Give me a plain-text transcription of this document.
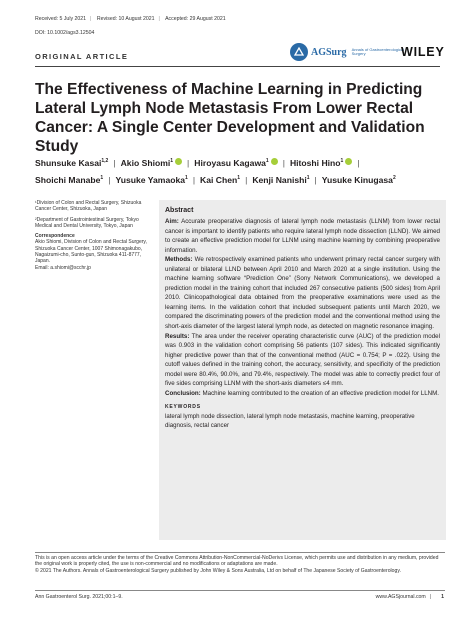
Received: 5 July 2021 | Revised: 10 August 2021 | Accepted: 29 August 2021
DOI: 10.1002/ags3.12504
ORIGINAL ARTICLE	AGSurg Annals of Gastroenterological Surgery	WILEY
The Effectiveness of Machine Learning in Predicting Lateral Lymph Node Metastasis From Lower Rectal Cancer: A Single Center Development and Validation Study
Shunsuke Kasai$^{1,2}$ | Akio Shiomi$^1$ | Hiroyasu Kagawa$^1$ | Hitoshi Hino$^1$ |
Shoichi Manabe$^1$ | Yusuke Yamaoka$^1$ | Kai Chen$^1$ | Kenji Nanishi$^1$ | Yusuke Kinugasa$^2$

¹Division of Colon and Rectal Surgery, Shizuoka Cancer Center, Shizuoka, Japan

²Department of Gastrointestinal Surgery, Tokyo Medical and Dental University, Tokyo, Japan

Correspondence

Akio Shiomi, Division of Colon and Rectal Surgery, Shizuoka Cancer Center, 1007 Shimonagakubo, Nagaizumi-cho, Sunto-gun, Shizuoka 411-8777, Japan.

Email: a.shiomi@scchr.jp

Abstract
Aim: Accurate preoperative diagnosis of lateral lymph node metastasis (LLNM) from lower rectal cancer is important to identify patients who require lateral lymph node dissection (LLND). We aimed to create an effective prediction model for LLNM using machine learning by combining preoperative information.
Methods: We retrospectively examined patients who underwent primary rectal cancer surgery with unilateral or bilateral LLND between April 2010 and March 2020 at a single institution. Using the machine learning software “Prediction One” (Sony Network Communications), we developed a prediction model in the training cohort that included 267 consecutive patients (500 sides) from April 2010. Clinicopathological data obtained from the preoperative examinations were used as the learning items. In the validation cohort that included subsequent patients until March 2020, we compared the discriminating powers of the prediction model and the conventional method using the short-axis diameter of the largest lateral lymph node, as detected on magnetic resonance imaging.
Results: The area under the receiver operating characteristic curve (AUC) of the prediction model was 0.903 in the validation cohort comprising 56 patients (107 sides). This indicated significantly higher predictive power than that of the conventional method (AUC = 0.754; P = .022). Using the cutoff values defined in the training cohort, the accuracy, sensitivity, and specificity of the prediction model were 80.4%, 90.0%, and 79.4%, respectively. The model was able to correctly predict four of five sides comprising LLNM with the short-axis diameters ≤4 mm.
Conclusion: Machine learning contributed to the creation of an effective prediction model for LLNM.
KEYWORDS
lateral lymph node dissection, lateral lymph node metastasis, machine learning, preoperative diagnosis, rectal cancer

This is an open access article under the terms of the Creative Commons Attribution-NonCommercial-NoDerivs License, which permits use and distribution in any medium, provided the original work is properly cited, the use is non-commercial and no modifications or adaptations are made.

© 2021 The Authors. Annals of Gastroenterological Surgery published by John Wiley & Sons Australia, Ltd on behalf of The Japanese Society of Gastroenterology.

Ann Gastroenterol Surg. 2021;00:1–9.	www.AGSjournal.com | 1
